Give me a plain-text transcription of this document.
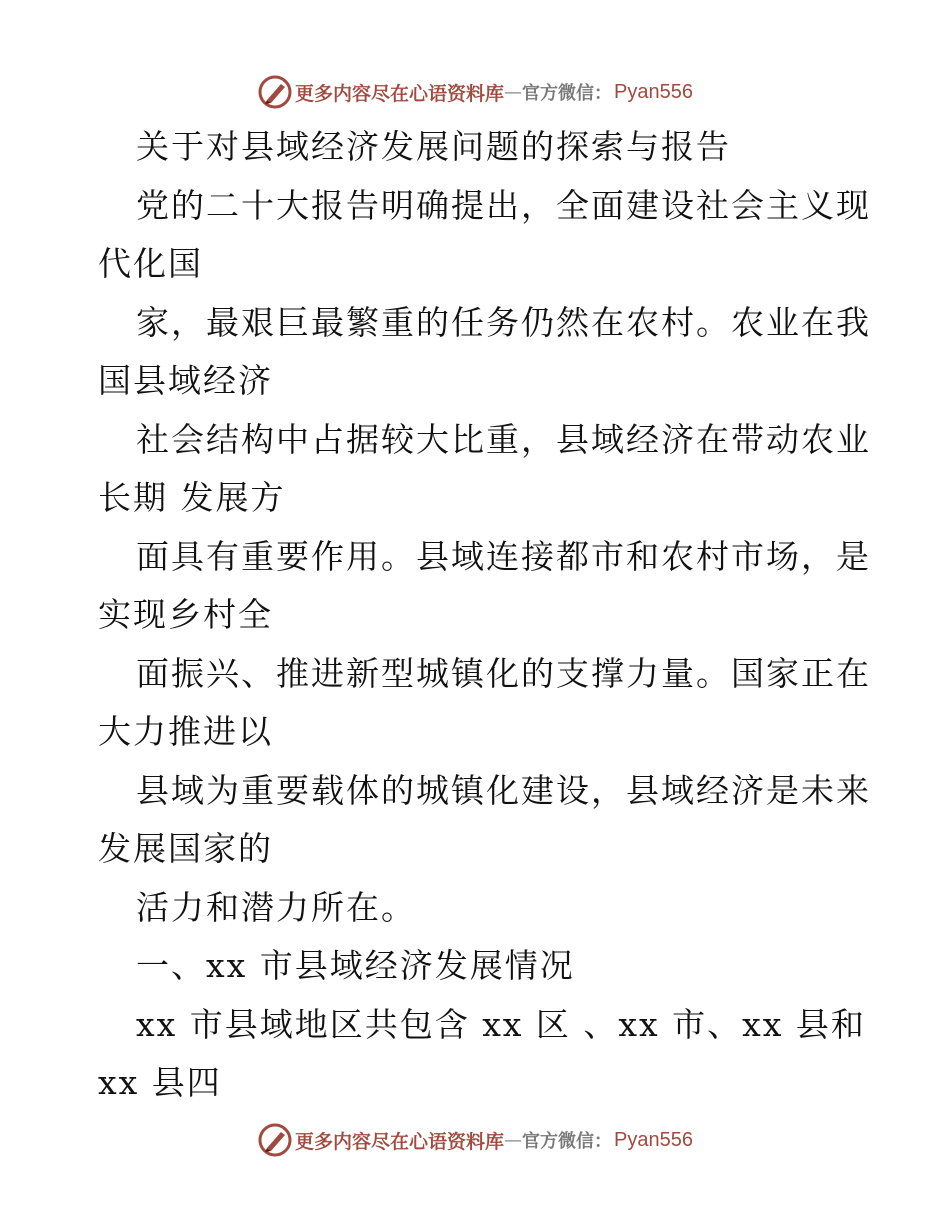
更多内容尽在心语资料库 — 官方微信： Pyan556
关于对县域经济发展问题的探索与报告
党的二十大报告明确提出，全面建设社会主义现
代化国
家，最艰巨最繁重的任务仍然在农村。农业在我
国县域经济
社会结构中占据较大比重，县域经济在带动农业
长期 发展方
面具有重要作用。县域连接都市和农村市场，是
实现乡村全
面振兴、推进新型城镇化的支撑力量。国家正在
大力推进以
县域为重要载体的城镇化建设，县域经济是未来
发展国家的
活力和潜力所在。
一、xx 市县域经济发展情况
xx 市县域地区共包含 xx 区 、xx 市、xx 县和
xx 县四
更多内容尽在心语资料库 — 官方微信： Pyan556
